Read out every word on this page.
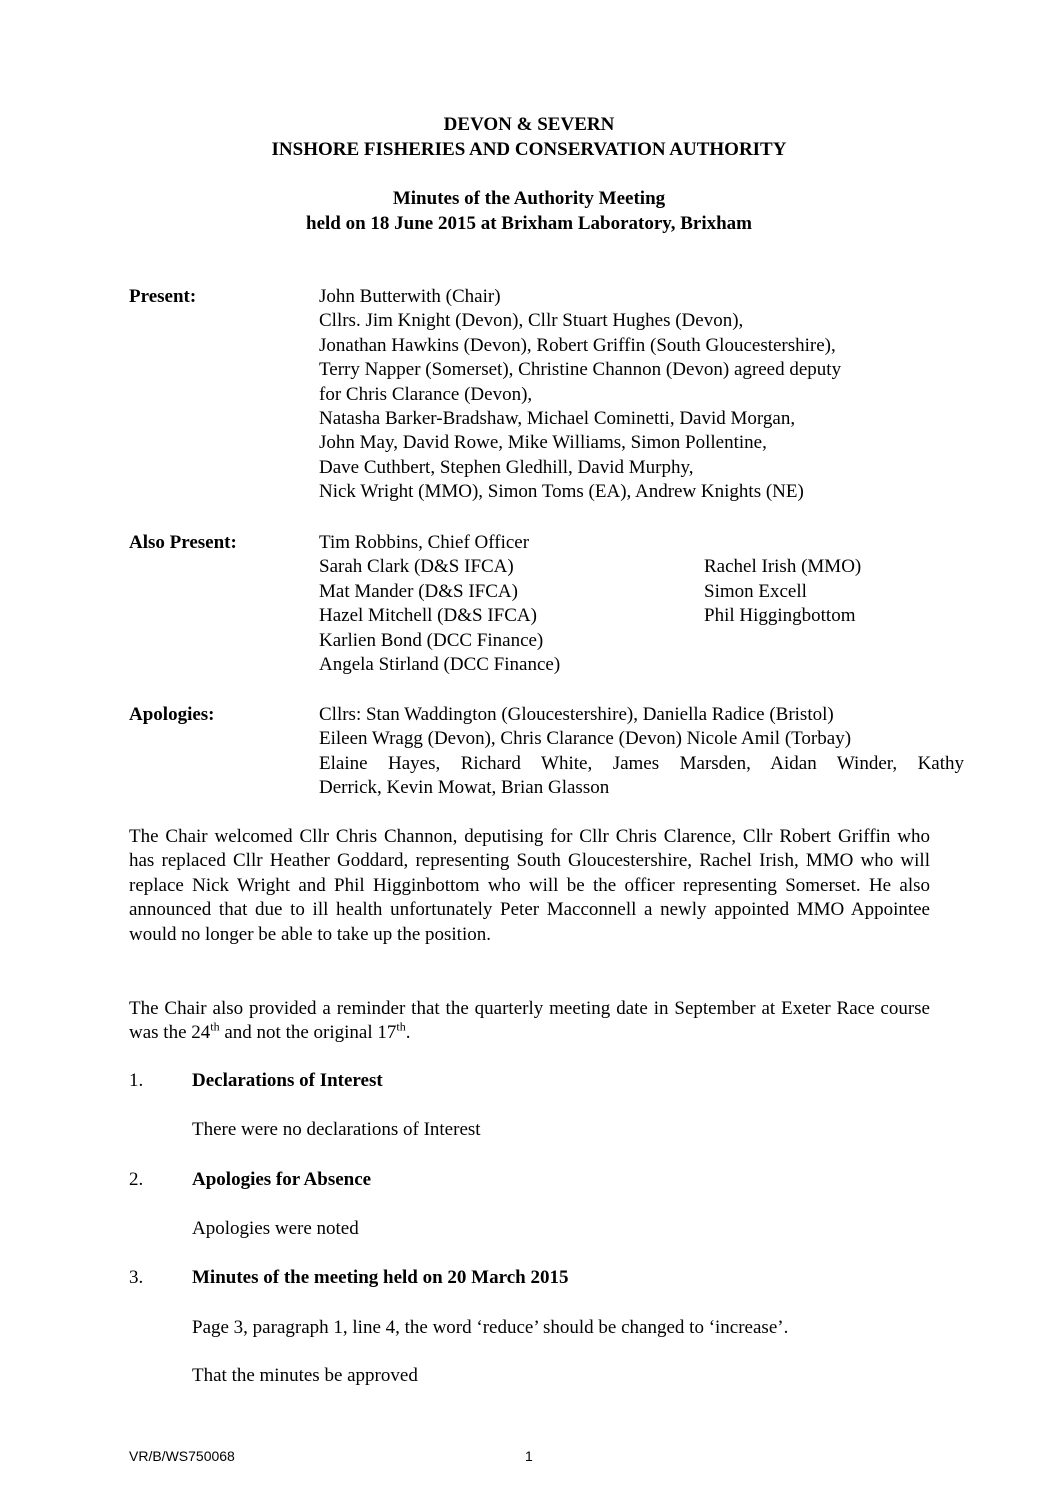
DEVON & SEVERN
INSHORE FISHERIES AND CONSERVATION AUTHORITY
Minutes of the Authority Meeting
held on 18 June 2015 at Brixham Laboratory, Brixham
Present:	John Butterwith (Chair)
Cllrs. Jim Knight (Devon), Cllr Stuart Hughes (Devon),
Jonathan Hawkins (Devon), Robert Griffin (South Gloucestershire),
Terry Napper (Somerset), Christine Channon (Devon) agreed deputy
for Chris Clarance (Devon),
Natasha Barker-Bradshaw, Michael Cominetti, David Morgan,
John May, David Rowe, Mike Williams, Simon Pollentine,
Dave Cuthbert, Stephen Gledhill, David Murphy,
Nick Wright (MMO), Simon Toms (EA), Andrew Knights (NE)
Also Present:	Tim Robbins, Chief Officer
Sarah Clark (D&S IFCA)	Rachel Irish (MMO)
Mat Mander (D&S IFCA)	Simon Excell
Hazel Mitchell (D&S IFCA)	Phil Higgingbottom
Karlien Bond (DCC Finance)
Angela Stirland (DCC Finance)
Apologies:	Cllrs: Stan Waddington (Gloucestershire), Daniella Radice (Bristol)
Eileen Wragg (Devon), Chris Clarance (Devon) Nicole Amil (Torbay)
Elaine Hayes, Richard White, James Marsden, Aidan Winder, Kathy
Derrick, Kevin Mowat, Brian Glasson
The Chair welcomed Cllr Chris Channon, deputising for Cllr Chris Clarence, Cllr Robert Griffin who has replaced Cllr Heather Goddard, representing South Gloucestershire, Rachel Irish, MMO who will replace Nick Wright and Phil Higginbottom who will be the officer representing Somerset. He also announced that due to ill health unfortunately Peter Macconnell a newly appointed MMO Appointee would no longer be able to take up the position.
The Chair also provided a reminder that the quarterly meeting date in September at Exeter Race course was the 24th and not the original 17th.
1.	Declarations of Interest
There were no declarations of Interest
2.	Apologies for Absence
Apologies were noted
3.	Minutes of the meeting held on 20 March 2015
Page 3, paragraph 1, line 4, the word ‘reduce’ should be changed to ‘increase’.
That the minutes be approved
VR/B/WS750068	1
